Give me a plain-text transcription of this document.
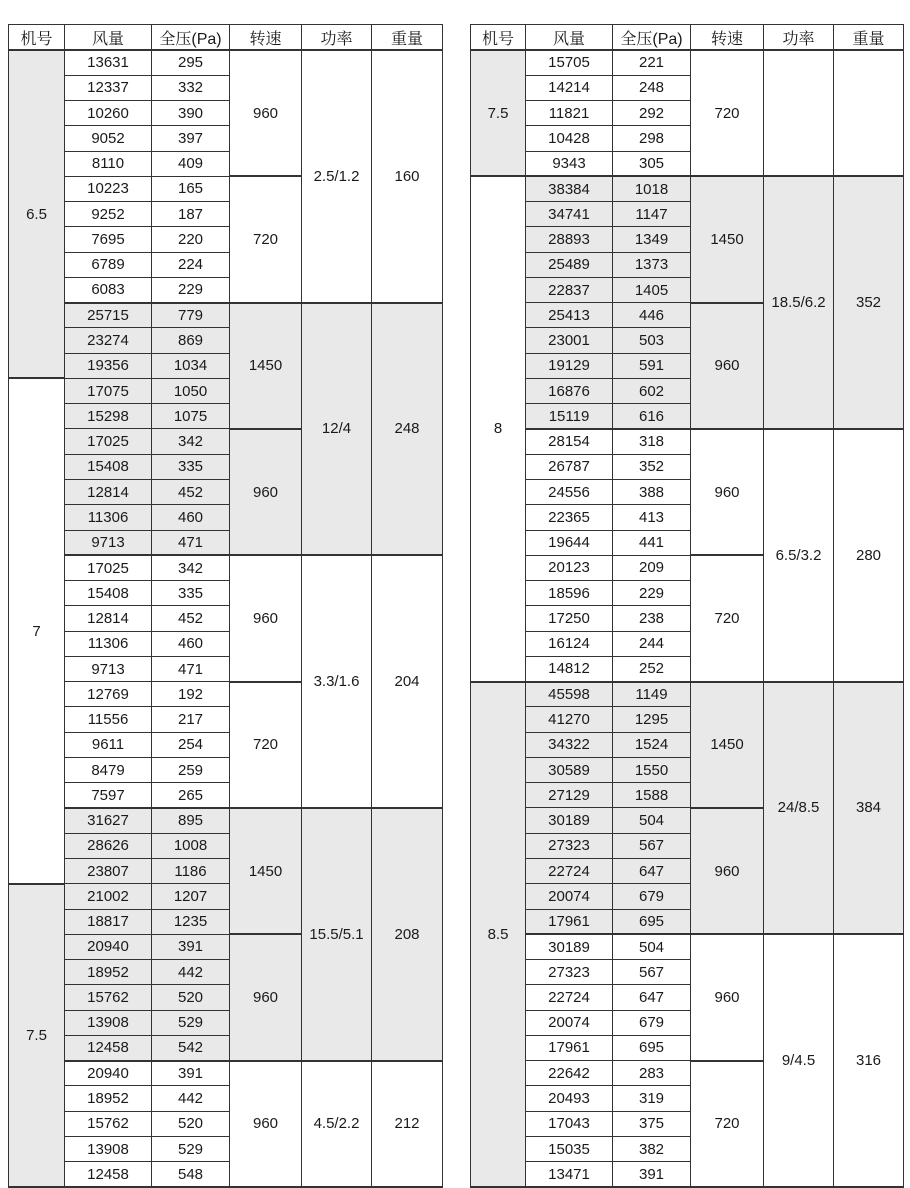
机号	风量	全压(Pa)	转速	功率	重量
6.5	13631	295	960	2.5/1.2	160
	12337	332			
	10260	390			
	9052	397			
	8110	409			
	10223	165	720		
	9252	187			
	7695	220			
	6789	224			
	6083	229			
	25715	779	1450	12/4	248
	23274	869			
	19356	1034			
7	17075	1050			
	15298	1075			
	17025	342	960		
	15408	335			
	12814	452			
	11306	460			
	9713	471			
	17025	342	960	3.3/1.6	204
	15408	335			
	12814	452			
	11306	460			
	9713	471			
	12769	192	720		
	11556	217			
	9611	254			
	8479	259			
	7597	265			
	31627	895	1450	15.5/5.1	208
	28626	1008			
	23807	1186			
7.5	21002	1207			
	18817	1235			
	20940	391	960		
	18952	442			
	15762	520			
	13908	529			
	12458	542			
	20940	391	960	4.5/2.2	212
	18952	442			
	15762	520			
	13908	529			
	12458	548			
机号	风量	全压(Pa)	转速	功率	重量
7.5	15705	221	720		
	14214	248			
	11821	292			
	10428	298			
	9343	305			
8	38384	1018	1450	18.5/6.2	352
	34741	1147			
	28893	1349			
	25489	1373			
	22837	1405			
	25413	446	960		
	23001	503			
	19129	591			
	16876	602			
	15119	616			
	28154	318	960	6.5/3.2	280
	26787	352			
	24556	388			
	22365	413			
	19644	441			
	20123	209	720		
	18596	229			
	17250	238			
	16124	244			
	14812	252			
8.5	45598	1149	1450	24/8.5	384
	41270	1295			
	34322	1524			
	30589	1550			
	27129	1588			
	30189	504	960		
	27323	567			
	22724	647			
	20074	679			
	17961	695			
	30189	504	960	9/4.5	316
	27323	567			
	22724	647			
	20074	679			
	17961	695			
	22642	283	720		
	20493	319			
	17043	375			
	15035	382			
	13471	391			
